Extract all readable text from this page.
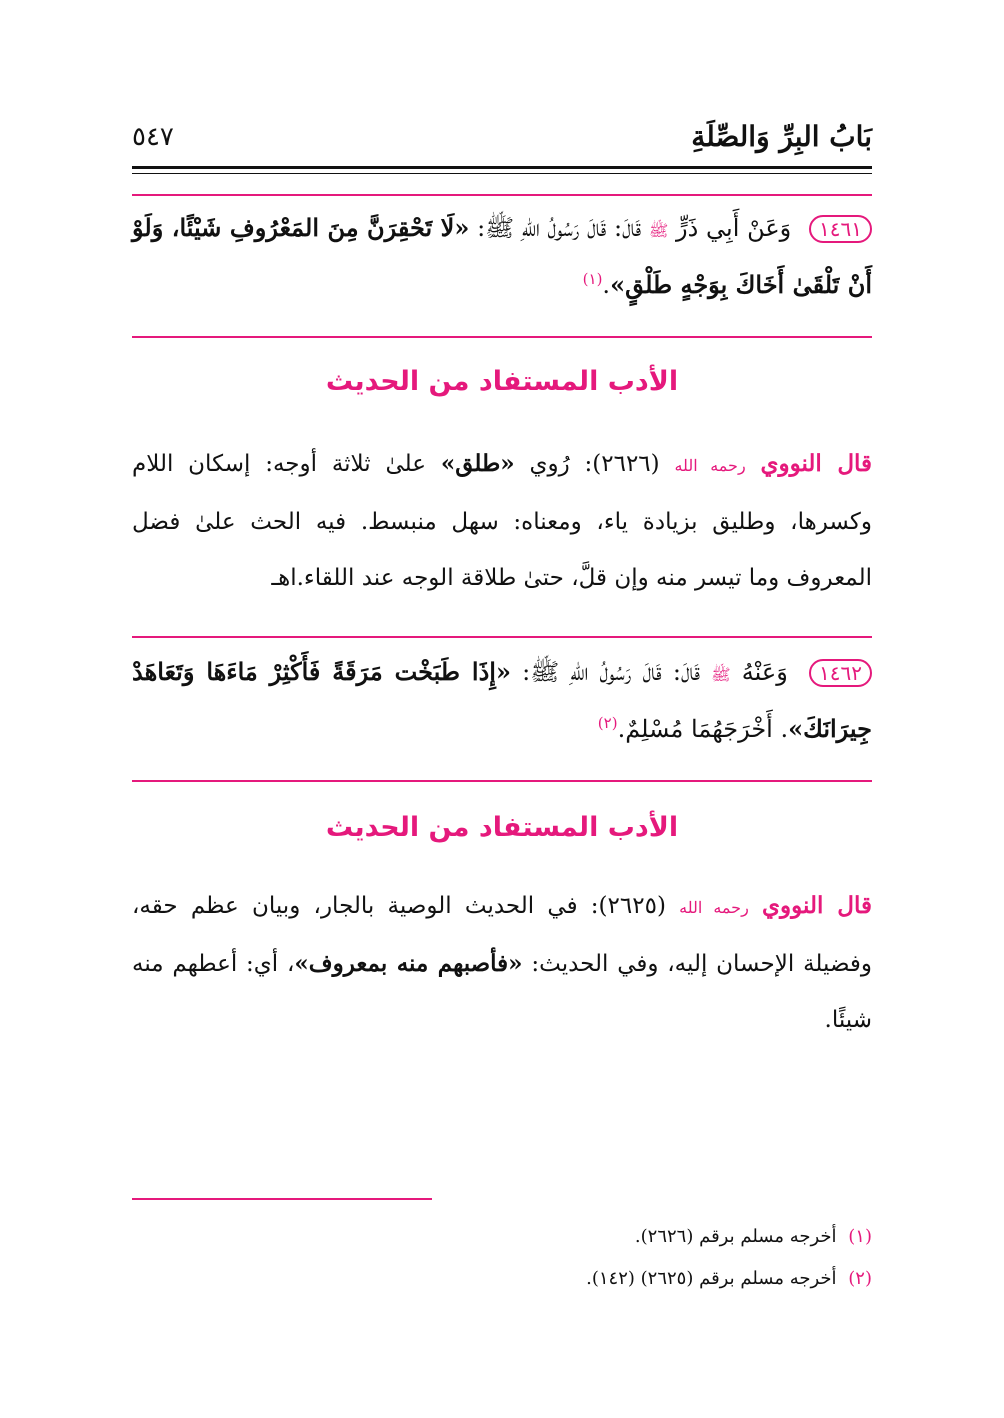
بَابُ البِرِّ وَالصِّلَةِ
٥٤٧
١٤٦١ وَعَنْ أَبِي ذَرٍّ ﷺ قَالَ: قَالَ رَسُولُ اللهِ ﷺ: «لَا تَحْقِرَنَّ مِنَ المَعْرُوفِ شَيْئًا، وَلَوْ أَنْ تَلْقَىٰ أَخَاكَ بِوَجْهٍ طَلْقٍ».$^{(١)}$
الأدب المستفاد من الحديث
قال النووي رحمه الله (٢٦٢٦): رُوي «طلق» علىٰ ثلاثة أوجه: إسكان اللام وكسرها، وطليق بزيادة ياء، ومعناه: سهل منبسط. فيه الحث علىٰ فضل المعروف وما تيسر منه وإن قلَّ، حتىٰ طلاقة الوجه عند اللقاء.اهـ
١٤٦٢ وَعَنْهُ ﷺ قَالَ: قَالَ رَسُولُ اللهِ ﷺ: «إِذَا طَبَخْت مَرَقَةً فَأَكْثِرْ مَاءَهَا وَتَعَاهَدْ جِيرَانَكَ». أَخْرَجَهُمَا مُسْلِمٌ.$^{(٢)}$
الأدب المستفاد من الحديث
قال النووي رحمه الله (٢٦٢٥): في الحديث الوصية بالجار، وبيان عظم حقه، وفضيلة الإحسان إليه، وفي الحديث: «فأصبهم منه بمعروف»، أي: أعطهم منه شيئًا.
(١) أخرجه مسلم برقم (٢٦٢٦).
(٢) أخرجه مسلم برقم (٢٦٢٥) (١٤٢).
